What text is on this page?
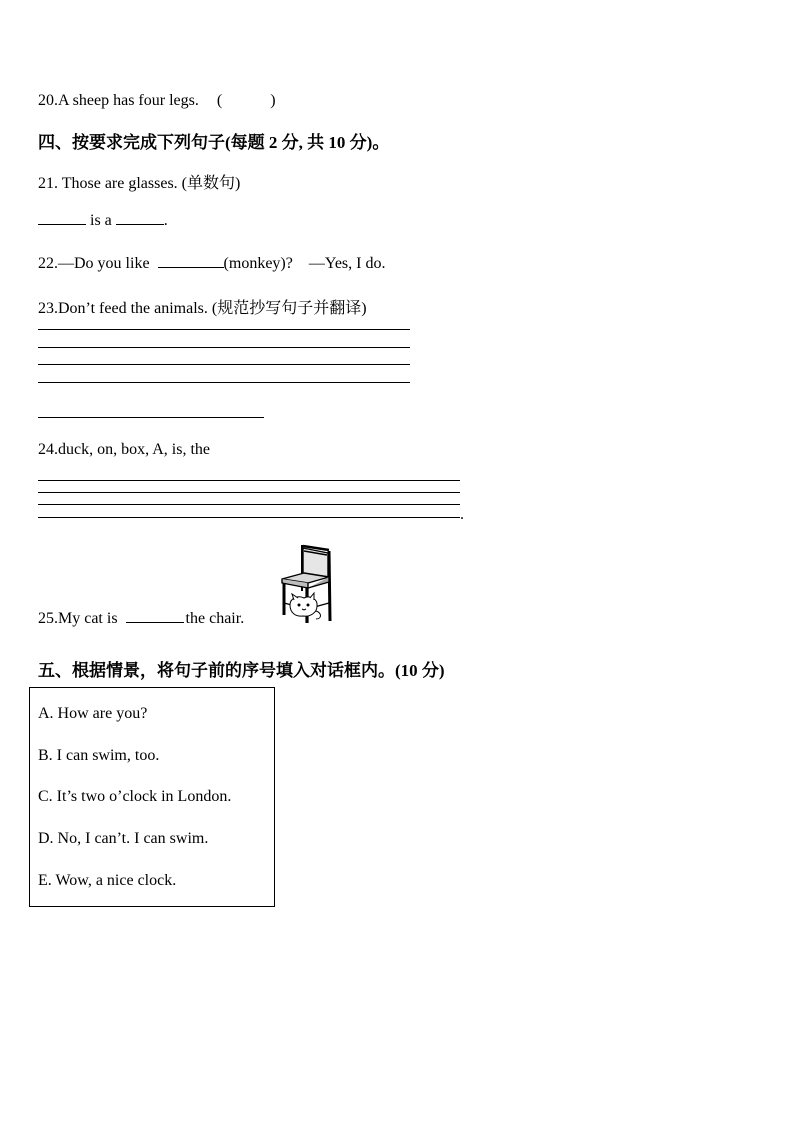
20.A sheep has four legs. (　　　)
四、按要求完成下列句子(每题 2 分, 共 10 分)。
21. Those are glasses. (单数句)
is a	.
22.—Do you like	(monkey)? —Yes, I do.
23.Don’t feed the animals. (规范抄写句子并翻译)
24.duck, on, box, A, is, the
.
25.My cat is	the chair.
五、根据情景，将句子前的序号填入对话框内。(10 分)
A. How are you?
B. I can swim, too.
C. It’s two o’clock in London.
D. No, I can’t. I can swim.
E. Wow, a nice clock.
